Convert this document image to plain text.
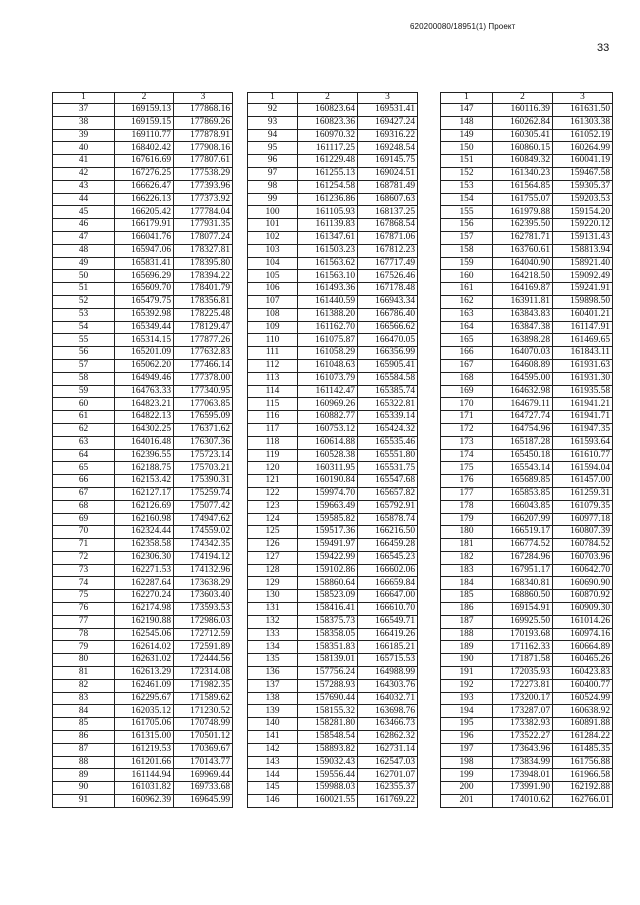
620200080/18951(1) Проект
33
1	2	3
37	169159.13	177868.16
38	169159.15	177869.26
39	169110.77	177878.91
40	168402.42	177908.16
41	167616.69	177807.61
42	167276.25	177538.29
43	166626.47	177393.96
44	166226.13	177373.92
45	166205.42	177784.04
46	166179.91	177931.35
47	166041.76	178077.24
48	165947.06	178327.81
49	165831.41	178395.80
50	165696.29	178394.22
51	165609.70	178401.79
52	165479.75	178356.81
53	165392.98	178225.48
54	165349.44	178129.47
55	165314.15	177877.26
56	165201.09	177632.83
57	165062.20	177466.14
58	164949.46	177378.00
59	164763.33	177340.95
60	164823.21	177063.85
61	164822.13	176595.09
62	164302.25	176371.62
63	164016.48	176307.36
64	162396.55	175723.14
65	162188.75	175703.21
66	162153.42	175390.31
67	162127.17	175259.74
68	162126.69	175077.42
69	162160.98	174947.62
70	162324.44	174559.02
71	162358.58	174342.35
72	162306.30	174194.12
73	162271.53	174132.96
74	162287.64	173638.29
75	162270.24	173603.40
76	162174.98	173593.53
77	162190.88	172986.03
78	162545.06	172712.59
79	162614.02	172591.89
80	162631.02	172444.56
81	162613.29	172314.08
82	162461.09	171982.35
83	162295.67	171589.62
84	162035.12	171230.52
85	161705.06	170748.99
86	161315.00	170501.12
87	161219.53	170369.67
88	161201.66	170143.77
89	161144.94	169969.44
90	161031.82	169733.68
91	160962.39	169645.99
1	2	3
92	160823.64	169531.41
93	160823.36	169427.24
94	160970.32	169316.22
95	161117.25	169248.54
96	161229.48	169145.75
97	161255.13	169024.51
98	161254.58	168781.49
99	161236.86	168607.63
100	161105.93	168137.25
101	161139.83	167868.54
102	161347.61	167871.06
103	161503.23	167812.23
104	161563.62	167717.49
105	161563.10	167526.46
106	161493.36	167178.48
107	161440.59	166943.34
108	161388.20	166786.40
109	161162.70	166566.62
110	161075.87	166470.05
111	161058.29	166356.99
112	161048.63	165905.41
113	161073.79	165584.58
114	161142.47	165385.74
115	160969.26	165322.81
116	160882.77	165339.14
117	160753.12	165424.32
118	160614.88	165535.46
119	160528.38	165551.80
120	160311.95	165531.75
121	160190.84	165547.68
122	159974.70	165657.82
123	159663.49	165792.91
124	159585.82	165878.74
125	159517.36	166216.50
126	159491.97	166459.28
127	159422.99	166545.23
128	159102.86	166602.06
129	158860.64	166659.84
130	158523.09	166647.00
131	158416.41	166610.70
132	158375.73	166549.71
133	158358.05	166419.26
134	158351.83	166185.21
135	158139.01	165715.53
136	157756.24	164988.99
137	157288.93	164303.76
138	157690.44	164032.71
139	158155.32	163698.76
140	158281.80	163466.73
141	158548.54	162862.32
142	158893.82	162731.14
143	159032.43	162547.03
144	159556.44	162701.07
145	159988.03	162355.37
146	160021.55	161769.22
1	2	3
147	160116.39	161631.50
148	160262.84	161303.38
149	160305.41	161052.19
150	160860.15	160264.99
151	160849.32	160041.19
152	161340.23	159467.58
153	161564.85	159305.37
154	161755.07	159203.53
155	161979.88	159154.20
156	162395.50	159220.12
157	162781.71	159131.43
158	163760.61	158813.94
159	164040.90	158921.40
160	164218.50	159092.49
161	164169.87	159241.91
162	163911.81	159898.50
163	163843.83	160401.21
164	163847.38	161147.91
165	163898.28	161469.65
166	164070.03	161843.11
167	164608.89	161931.63
168	164595.00	161931.30
169	164632.98	161935.58
170	164679.11	161941.21
171	164727.74	161941.71
172	164754.96	161947.35
173	165187.28	161593.64
174	165450.18	161610.77
175	165543.14	161594.04
176	165689.85	161457.00
177	165853.85	161259.31
178	166043.85	161079.35
179	166207.99	160977.18
180	166519.17	160807.39
181	166774.52	160784.52
182	167284.96	160703.96
183	167951.17	160642.70
184	168340.81	160690.90
185	168860.50	160870.92
186	169154.91	160909.30
187	169925.50	161014.26
188	170193.68	160974.16
189	171162.33	160664.89
190	171871.58	160465.26
191	172035.93	160423.83
192	172273.81	160400.77
193	173200.17	160524.99
194	173287.07	160638.92
195	173382.93	160891.88
196	173522.27	161284.22
197	173643.96	161485.35
198	173834.99	161756.88
199	173948.01	161966.58
200	173991.90	162192.88
201	174010.62	162766.01
